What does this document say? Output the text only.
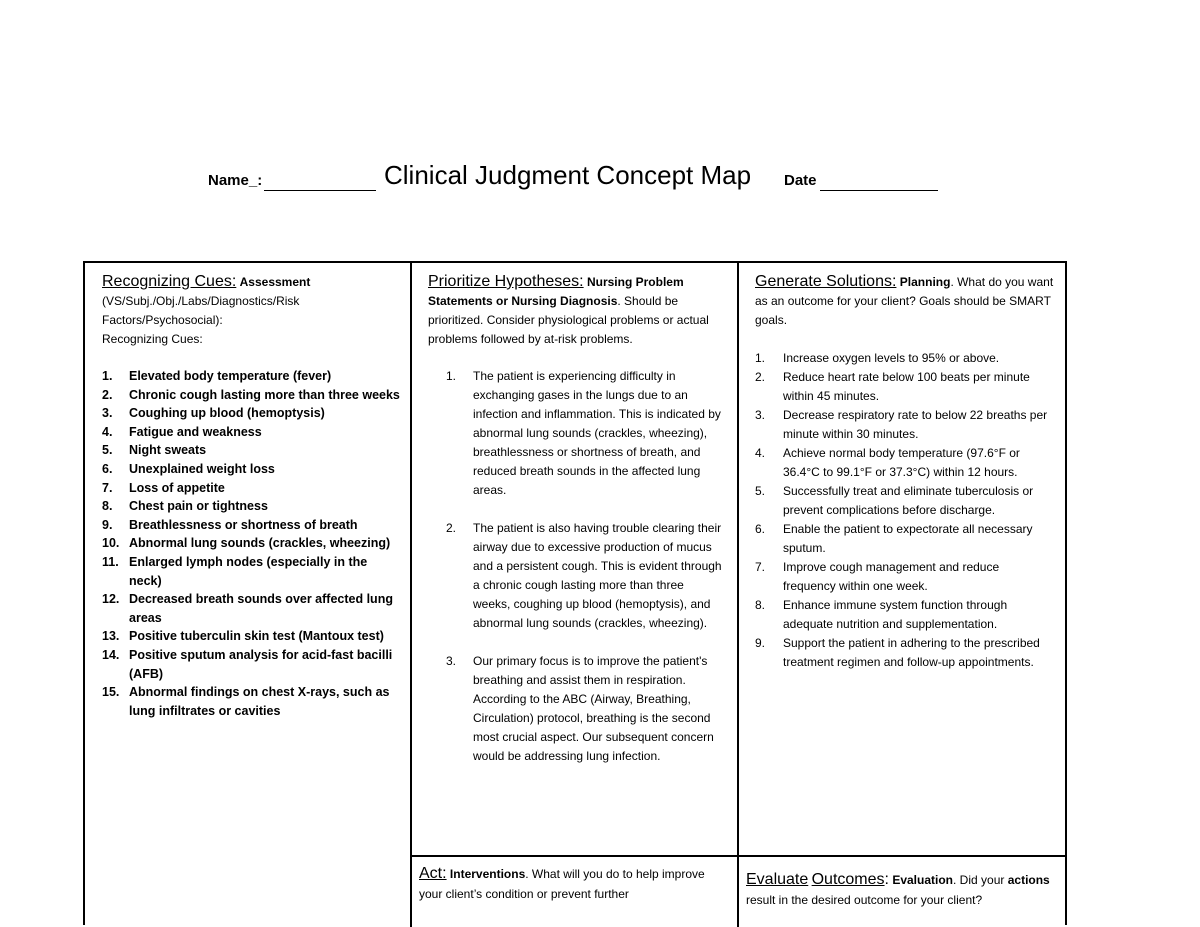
Name_:	Clinical Judgment Concept Map Date
Recognizing Cues: Assessment
(VS/Subj./Obj./Labs/Diagnostics/Risk
Factors/Psychosocial):
Recognizing Cues:
1. Elevated body temperature (fever)
2. Chronic cough lasting more than three weeks
3. Coughing up blood (hemoptysis)
4. Fatigue and weakness
5. Night sweats
6. Unexplained weight loss
7. Loss of appetite
8. Chest pain or tightness
9. Breathlessness or shortness of breath
10. Abnormal lung sounds (crackles, wheezing)
11. Enlarged lymph nodes (especially in the neck)
12. Decreased breath sounds over affected lung areas
13. Positive tuberculin skin test (Mantoux test)
14. Positive sputum analysis for acid-fast bacilli (AFB)
15. Abnormal findings on chest X-rays, such as lung infiltrates or cavities
Prioritize Hypotheses: Nursing Problem Statements or Nursing Diagnosis. Should be prioritized. Consider physiological problems or actual problems followed by at-risk problems.
1. The patient is experiencing difficulty in exchanging gases in the lungs due to an infection and inflammation. This is indicated by abnormal lung sounds (crackles, wheezing), breathlessness or shortness of breath, and reduced breath sounds in the affected lung areas.
2. The patient is also having trouble clearing their airway due to excessive production of mucus and a persistent cough. This is evident through a chronic cough lasting more than three weeks, coughing up blood (hemoptysis), and abnormal lung sounds (crackles, wheezing).
3. Our primary focus is to improve the patient's breathing and assist them in respiration. According to the ABC (Airway, Breathing, Circulation) protocol, breathing is the second most crucial aspect. Our subsequent concern would be addressing lung infection.
Generate Solutions: Planning. What do you want as an outcome for your client? Goals should be SMART goals.
1. Increase oxygen levels to 95% or above.
2. Reduce heart rate below 100 beats per minute within 45 minutes.
3. Decrease respiratory rate to below 22 breaths per minute within 30 minutes.
4. Achieve normal body temperature (97.6°F or 36.4°C to 99.1°F or 37.3°C) within 12 hours.
5. Successfully treat and eliminate tuberculosis or prevent complications before discharge.
6. Enable the patient to expectorate all necessary sputum.
7. Improve cough management and reduce frequency within one week.
8. Enhance immune system function through adequate nutrition and supplementation.
9. Support the patient in adhering to the prescribed treatment regimen and follow-up appointments.
Act: Interventions. What will you do to help improve your client’s condition or prevent further
Evaluate Outcomes: Evaluation. Did your actions result in the desired outcome for your client?
